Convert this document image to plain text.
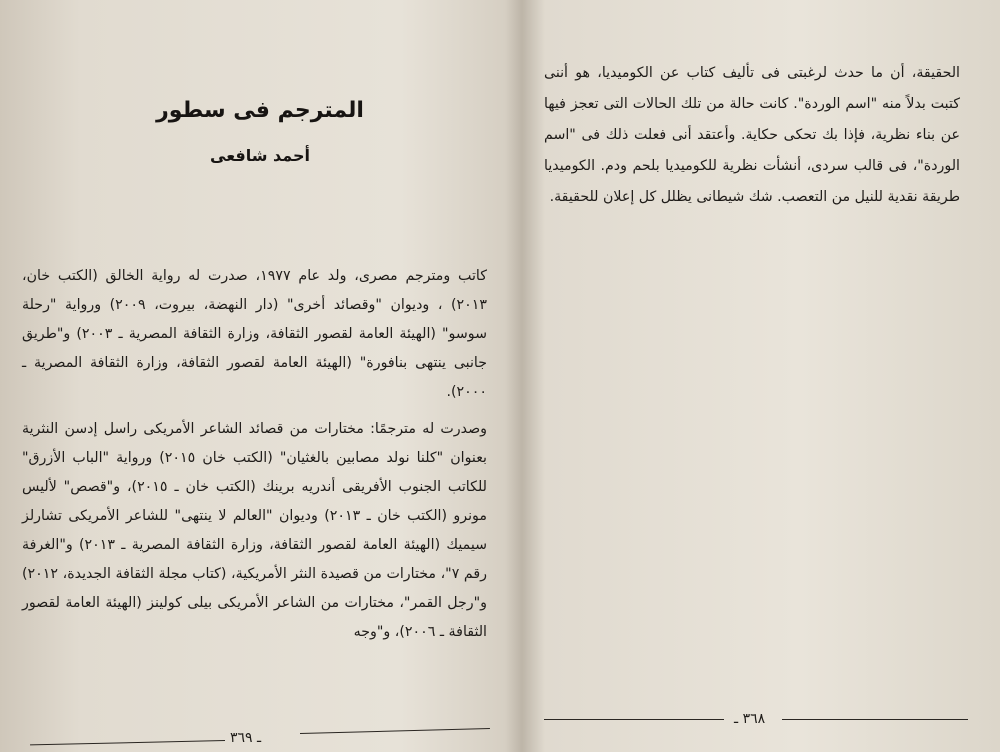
المترجم فى سطور
أحمد شافعى

كاتب ومترجم مصرى، ولد عام ١٩٧٧، صدرت له رواية الخالق (الكتب خان، ٢٠١٣) ، وديوان "وقصائد أخرى" (دار النهضة، بيروت، ٢٠٠٩) ورواية "رحلة سوسو" (الهيئة العامة لقصور الثقافة، وزارة الثقافة المصرية ـ ٢٠٠٣) و"طريق جانبى ينتهى بنافورة" (الهيئة العامة لقصور الثقافة، وزارة الثقافة المصرية ـ ٢٠٠٠).

وصدرت له مترجمًا: مختارات من قصائد الشاعر الأمريكى راسل إدسن النثرية بعنوان "كلنا نولد مصابين بالغثيان" (الكتب خان ٢٠١٥) ورواية "الباب الأزرق" للكاتب الجنوب الأفريقى أندريه برينك (الكتب خان ـ ٢٠١٥)، و"قصص" لأليس مونرو (الكتب خان ـ ٢٠١٣) وديوان "العالم لا ينتهى" للشاعر الأمريكى تشارلز سيميك (الهيئة العامة لقصور الثقافة، وزارة الثقافة المصرية ـ ٢٠١٣) و"الغرفة رقم ٧"، مختارات من قصيدة النثر الأمريكية، (كتاب مجلة الثقافة الجديدة، ٢٠١٢) و"رجل القمر"، مختارات من الشاعر الأمريكى بيلى كولينز (الهيئة العامة لقصور الثقافة ـ ٢٠٠٦)، و"وجه

ـ ٣٦٩

الحقيقة، أن ما حدث لرغبتى فى تأليف كتاب عن الكوميديا، هو أننى كتبت بدلاً منه "اسم الوردة". كانت حالة من تلك الحالات التى تعجز فيها عن بناء نظرية، فإذا بك تحكى حكاية. وأعتقد أنى فعلت ذلك فى "اسم الوردة"، فى قالب سردى، أنشأت نظرية للكوميديا بلحم ودم. الكوميديا طريقة نقدية للنيل من التعصب. شك شيطانى يظلل كل إعلان للحقيقة.

٣٦٨ ـ
